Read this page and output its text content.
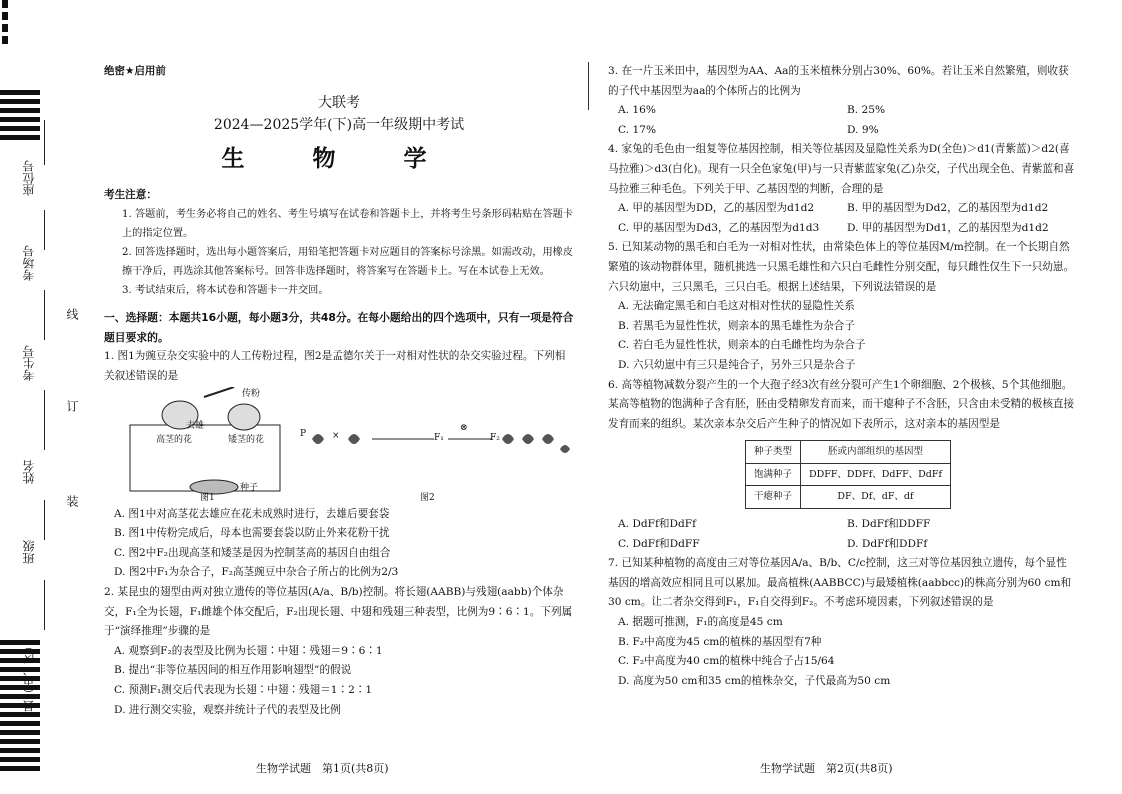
座位号
考场号
考生号
姓名
班级
县（市、区）
线
订
装

绝密★启用前

大联考

2024—2025学年(下)高一年级期中考试

生 物 学

考生注意：

1. 答题前，考生务必将自己的姓名、考生号填写在试卷和答题卡上，并将考生号条形码粘贴在答题卡上的指定位置。

2. 回答选择题时，选出每小题答案后，用铅笔把答题卡对应题目的答案标号涂黑。如需改动，用橡皮擦干净后，再选涂其他答案标号。回答非选择题时，将答案写在答题卡上。写在本试卷上无效。

3. 考试结束后，将本试卷和答题卡一并交回。

一、选择题：本题共16小题，每小题3分，共48分。在每小题给出的四个选项中，只有一项是符合题目要求的。

1. 图1为豌豆杂交实验中的人工传粉过程，图2是孟德尔关于一对相对性状的杂交实验过程。下列相关叙述错误的是

传粉
去雄
高茎的花	矮茎的花
种子
图1	图2
P	×	F₁
⊗
F₂

A. 图1中对高茎花去雄应在花未成熟时进行，去雄后要套袋

B. 图1中传粉完成后，母本也需要套袋以防止外来花粉干扰

C. 图2中F₂出现高茎和矮茎是因为控制茎高的基因自由组合

D. 图2中F₁为杂合子，F₂高茎豌豆中杂合子所占的比例为2/3

2. 某昆虫的翅型由两对独立遗传的等位基因(A/a、B/b)控制。将长翅(AABB)与残翅(aabb)个体杂交，F₁全为长翅，F₁雌雄个体交配后，F₂出现长翅、中翅和残翅三种表型，比例为9∶6∶1。下列属于“演绎推理”步骤的是

A. 观察到F₂的表型及比例为长翅∶中翅∶残翅＝9∶6∶1

B. 提出“非等位基因间的相互作用影响翅型”的假说

C. 预测F₁测交后代表现为长翅∶中翅∶残翅＝1∶2∶1

D. 进行测交实验，观察并统计子代的表型及比例

生物学试题　第1页(共8页)

3. 在一片玉米田中，基因型为AA、Aa的玉米植株分别占30%、60%。若让玉米自然繁殖，则收获的子代中基因型为aa的个体所占的比例为

A. 16%	B. 25%
C. 17%	D. 9%

4. 家兔的毛色由一组复等位基因控制，相关等位基因及显隐性关系为D(全色)＞d1(青紫蓝)＞d2(喜马拉雅)＞d3(白化)。现有一只全色家兔(甲)与一只青紫蓝家兔(乙)杂交，子代出现全色、青紫蓝和喜马拉雅三种毛色。下列关于甲、乙基因型的判断，合理的是

A. 甲的基因型为DD，乙的基因型为d1d2	B. 甲的基因型为Dd2，乙的基因型为d1d2
C. 甲的基因型为Dd3，乙的基因型为d1d3	D. 甲的基因型为Dd1，乙的基因型为d1d2

5. 已知某动物的黑毛和白毛为一对相对性状，由常染色体上的等位基因M/m控制。在一个长期自然繁殖的该动物群体里，随机挑选一只黑毛雄性和六只白毛雌性分别交配，每只雌性仅生下一只幼崽。六只幼崽中，三只黑毛，三只白毛。根据上述结果，下列说法错误的是

A. 无法确定黑毛和白毛这对相对性状的显隐性关系

B. 若黑毛为显性性状，则亲本的黑毛雄性为杂合子

C. 若白毛为显性性状，则亲本的白毛雌性均为杂合子

D. 六只幼崽中有三只是纯合子，另外三只是杂合子

6. 高等植物减数分裂产生的一个大孢子经3次有丝分裂可产生1个卵细胞、2个极核、5个其他细胞。某高等植物的饱满种子含有胚，胚由受精卵发育而来，而干瘪种子不含胚，只含由未受精的极核直接发育而来的组织。某次亲本杂交后产生种子的情况如下表所示，这对亲本的基因型是

种子类型	胚或内部组织的基因型
饱满种子	DDFF、DDFf、DdFF、DdFf
干瘪种子	DF、Df、dF、df
A. DdFf和DdFf	B. DdFf和DDFF
C. DdFf和DdFF	D. DdFf和DDFf

7. 已知某种植物的高度由三对等位基因A/a、B/b、C/c控制，这三对等位基因独立遗传，每个显性基因的增高效应相同且可以累加。最高植株(AABBCC)与最矮植株(aabbcc)的株高分别为60 cm和30 cm。让二者杂交得到F₁，F₁自交得到F₂。不考虑环境因素，下列叙述错误的是

A. 据题可推测，F₁的高度是45 cm

B. F₂中高度为45 cm的植株的基因型有7种

C. F₂中高度为40 cm的植株中纯合子占15/64

D. 高度为50 cm和35 cm的植株杂交，子代最高为50 cm

生物学试题　第2页(共8页)
